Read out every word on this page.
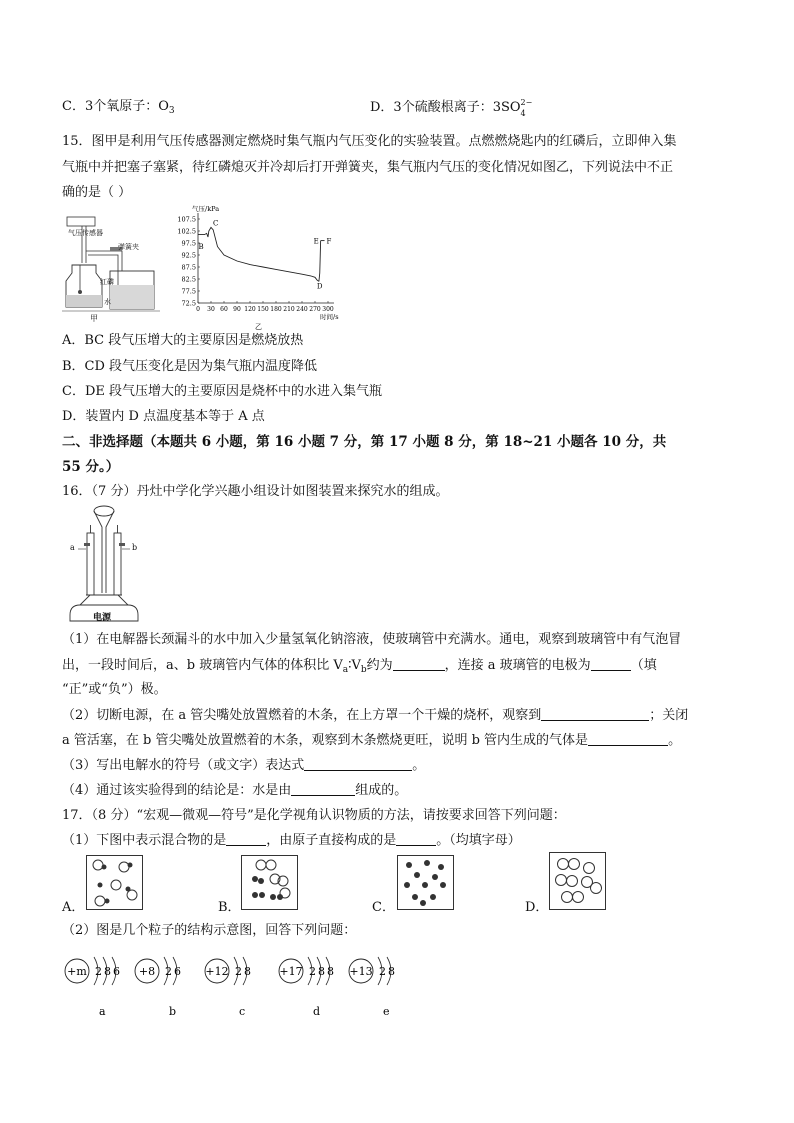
C．3个氧原子：$O_3$	D．3个硫酸根离子：3SO 2−
4
15．图甲是利用气压传感器测定燃烧时集气瓶内气压变化的实验装置。点燃燃烧匙内的红磷后，立即伸入集
气瓶中并把塞子塞紧，待红磷熄灭并冷却后打开弹簧夹，集气瓶内气压的变化情况如图乙，下列说法中不正
确的是（ ）
气压传感器
弹簧夹
红磷
水
甲
107.5
102.5
97.5
92.5
87.5
82.5
77.5
72.5
0 30 60 90 120 150 180 210 240 270 300
气压/kPa
时间/s
乙
B
C
D
E F
A．BC 段气压增大的主要原因是燃烧放热
B．CD 段气压变化是因为集气瓶内温度降低
C．DE 段气压增大的主要原因是烧杯中的水进入集气瓶
D．装置内 D 点温度基本等于 A 点
二、非选择题（本题共 6 小题，第 16 小题 7 分，第 17 小题 8 分，第 18~21 小题各 10 分，共
55 分。）
16．（7 分）丹灶中学化学兴趣小组设计如图装置来探究水的组成。
a	b
电源
（1）在电解器长颈漏斗的水中加入少量氢氧化钠溶液，使玻璃管中充满水。通电，观察到玻璃管中有气泡冒
出，一段时间后，a、b 玻璃管内气体的体积比 $V_a∶V_b$约为	，连接 a 玻璃管的电极为	（填
“正”或“负”）极。
（2）切断电源，在 a 管尖嘴处放置燃着的木条，在上方罩一个干燥的烧杯，观察到	；关闭
a 管活塞，在 b 管尖嘴处放置燃着的木条，观察到木条燃烧更旺，说明 b 管内生成的气体是	。
（3）写出电解水的符号（或文字）表达式	。
（4）通过该实验得到的结论是：水是由	组成的。
17．（8 分）“宏观—微观—符号”是化学视角认识物质的方法，请按要求回答下列问题：
（1）下图中表示混合物的是	，由原子直接构成的是	。（均填字母）
A．	B．	C．	D．
（2）图是几个粒子的结构示意图，回答下列问题：
+m 2 8 6
a
+8 2 6
b
+12 2 8
c
+17 2 8 8
d
+13 2 8
e
